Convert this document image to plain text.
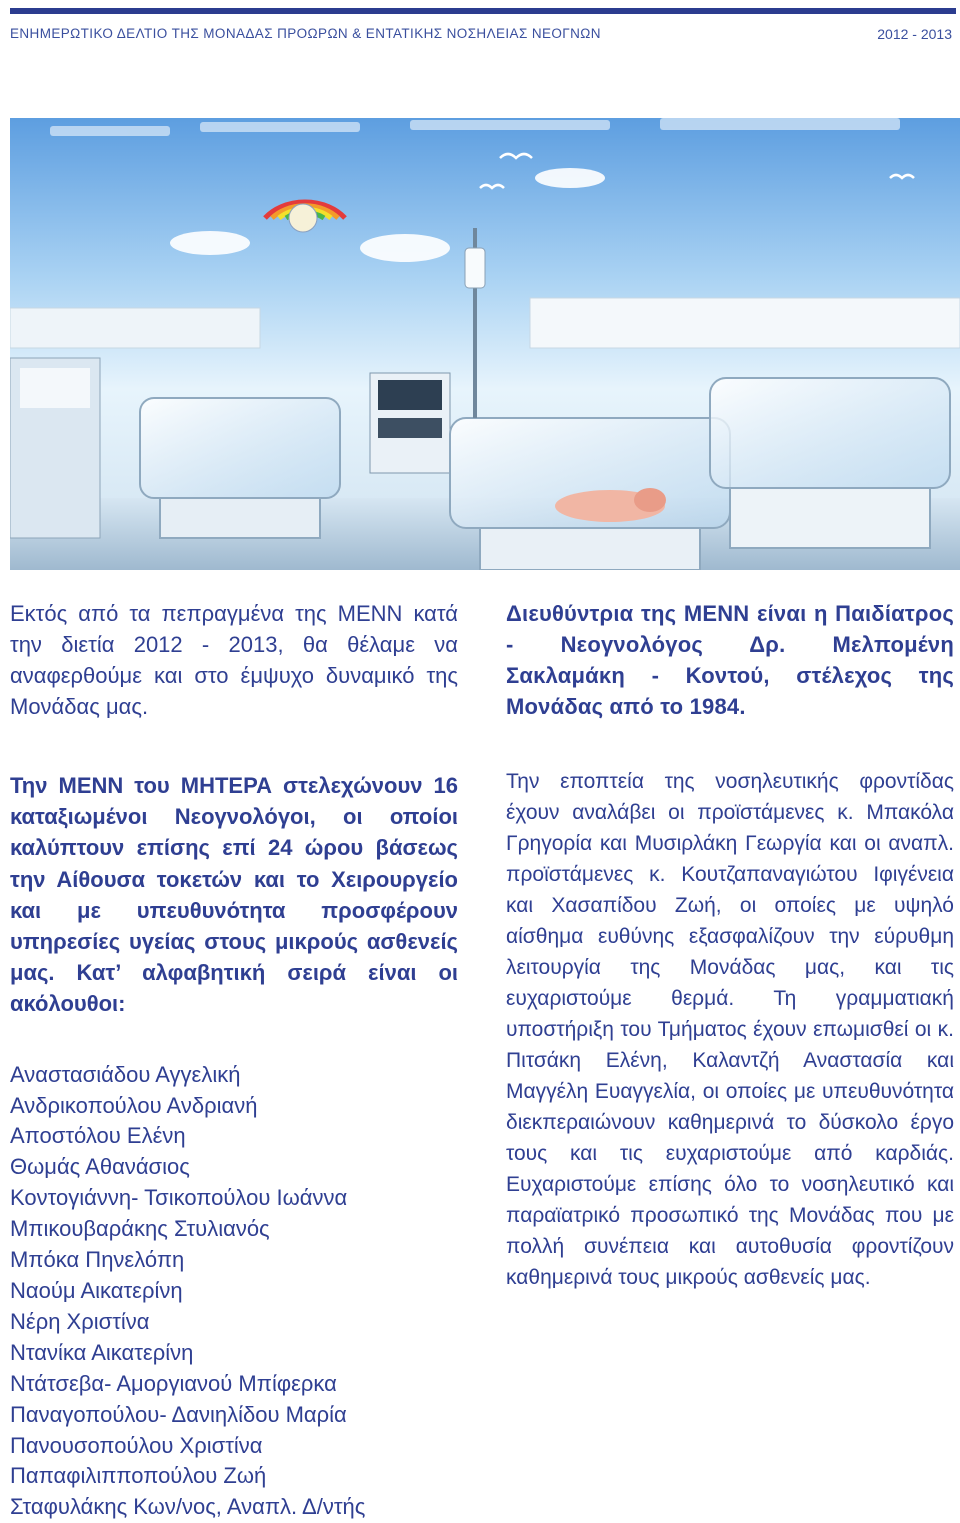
ΕΝΗΜΕΡΩΤΙΚΟ ΔΕΛΤΙΟ ΤΗΣ ΜΟΝΑΔΑΣ ΠΡΟΩΡΩΝ & ΕΝΤΑΤΙΚΗΣ ΝΟΣΗΛΕΙΑΣ ΝΕΟΓΝΩΝ	2012 - 2013

Εκτός από τα πεπραγμένα της ΜΕΝΝ κατά την διετία 2012 - 2013, θα θέλαμε να αναφερθούμε και στο έμψυχο δυναμικό της Μονάδας μας.

Την ΜΕΝΝ του ΜΗΤΕΡΑ στελεχώνουν 16 καταξιωμένοι Νεογνολόγοι, οι οποίοι καλύπτουν επίσης επί 24 ώρου βάσεως την Αίθουσα τοκετών και το Χειρουργείο και με υπευθυνότητα προσφέρουν υπηρεσίες υγείας στους μικρούς ασθενείς μας. Κατ’ αλφαβητική σειρά είναι οι ακόλουθοι:

Αναστασιάδου Αγγελική
Ανδρικοπούλου Ανδριανή
Αποστόλου Ελένη
Θωμάς Αθανάσιος
Κοντογιάννη- Τσικοπούλου Ιωάννα
Μπικουβαράκης Στυλιανός
Μπόκα Πηνελόπη
Ναούμ Αικατερίνη
Νέρη Χριστίνα
Ντανίκα Αικατερίνη
Ντάτσεβα- Αμοργιανού Μπίφερκα
Παναγοπούλου- Δανιηλίδου Μαρία
Πανουσοπούλου Χριστίνα
Παπαφιλιπποπούλου Ζωή
Σταφυλάκης Κων/νος, Αναπλ. Δ/ντής

Διευθύντρια της ΜΕΝΝ είναι η Παιδίατρος - Νεογνολόγος Δρ. Μελπομένη Σακλαμάκη - Κοντού, στέλεχος της Μονάδας από το 1984.

Την εποπτεία της νοσηλευτικής φροντίδας έχουν αναλάβει οι προϊστάμενες κ. Μπακόλα Γρηγορία και Μυσιρλάκη Γεωργία και οι αναπλ. προϊστάμενες κ. Κουτζαπαναγιώτου Ιφιγένεια και Χασαπίδου Ζωή, οι οποίες με υψηλό αίσθημα ευθύνης εξασφαλίζουν την εύρυθμη λειτουργία της Μονάδας μας, και τις ευχαριστούμε θερμά. Τη γραμματιακή υποστήριξη του Τμήματος έχουν επωμισθεί οι κ. Πιτσάκη Ελένη, Καλαντζή Αναστασία και Μαγγέλη Ευαγγελία, οι οποίες με υπευθυνότητα διεκπεραιώνουν καθημερινά το δύσκολο έργο τους και τις ευχαριστούμε από καρδιάς. Ευχαριστούμε επίσης όλο το νοσηλευτικό και παραϊατρικό προσωπικό της Μονάδας που με πολλή συνέπεια και αυτοθυσία φροντίζουν καθημερινά τους μικρούς ασθενείς μας.
